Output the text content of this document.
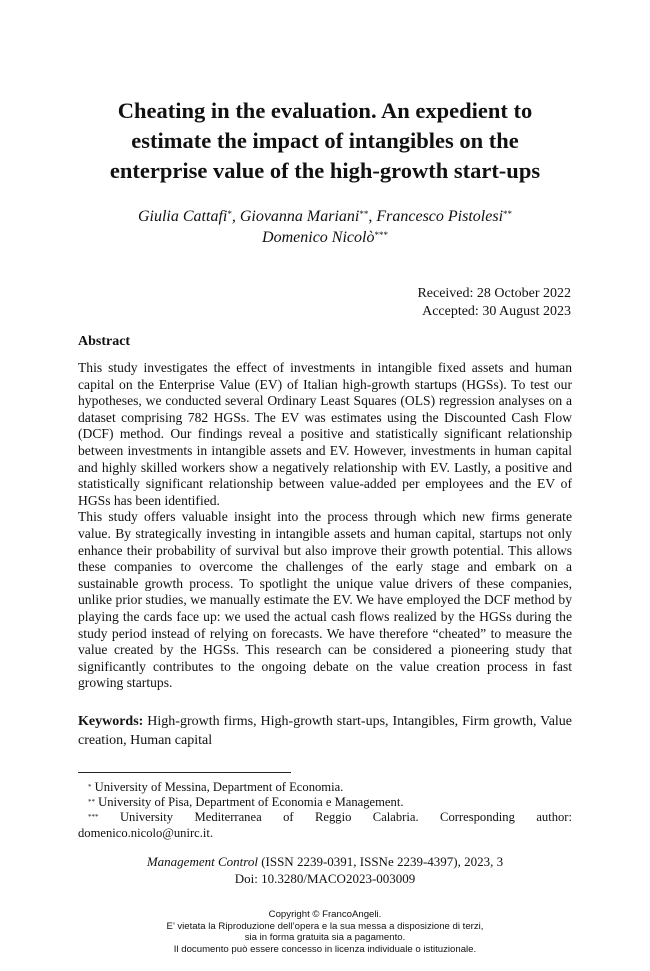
Cheating in the evaluation. An expedient to
estimate the impact of intangibles on the
enterprise value of the high-growth start-ups
Giulia Cattafi*, Giovanna Mariani**, Francesco Pistolesi**
Domenico Nicolò***
Received: 28 October 2022
Accepted: 30 August 2023
Abstract

This study investigates the effect of investments in intangible fixed assets and human capital on the Enterprise Value (EV) of Italian high-growth startups (HGSs). To test our hypotheses, we conducted several Ordinary Least Squares (OLS) regression analyses on a dataset comprising 782 HGSs. The EV was estimates using the Discounted Cash Flow (DCF) method. Our findings reveal a positive and statistically significant relationship between investments in intangible assets and EV. However, investments in human capital and highly skilled workers show a negatively relationship with EV. Lastly, a positive and statistically significant relationship between value-added per employees and the EV of HGSs has been identified.

This study offers valuable insight into the process through which new firms generate value. By strategically investing in intangible assets and human capital, startups not only enhance their probability of survival but also improve their growth potential. This allows these companies to overcome the challenges of the early stage and embark on a sustainable growth process. To spotlight the unique value drivers of these companies, unlike prior studies, we manually estimate the EV. We have employed the DCF method by playing the cards face up: we used the actual cash flows realized by the HGSs during the study period instead of relying on forecasts. We have therefore “cheated” to measure the value created by the HGSs. This research can be considered a pioneering study that significantly contributes to the ongoing debate on the value creation process in fast growing startups.

Keywords: High-growth firms, High-growth start-ups, Intangibles, Firm growth, Value creation, Human capital
* University of Messina, Department of Economia.
** University of Pisa, Department of Economia e Management.
*** University Mediterranea of Reggio Calabria. Corresponding author:
domenico.nicolo@unirc.it.
Management Control (ISSN 2239-0391, ISSNe 2239-4397), 2023, 3
Doi: 10.3280/MACO2023-003009
Copyright © FrancoAngeli.
E’ vietata la Riproduzione dell’opera e la sua messa a disposizione di terzi,
sia in forma gratuita sia a pagamento.
Il documento può essere concesso in licenza individuale o istituzionale.
